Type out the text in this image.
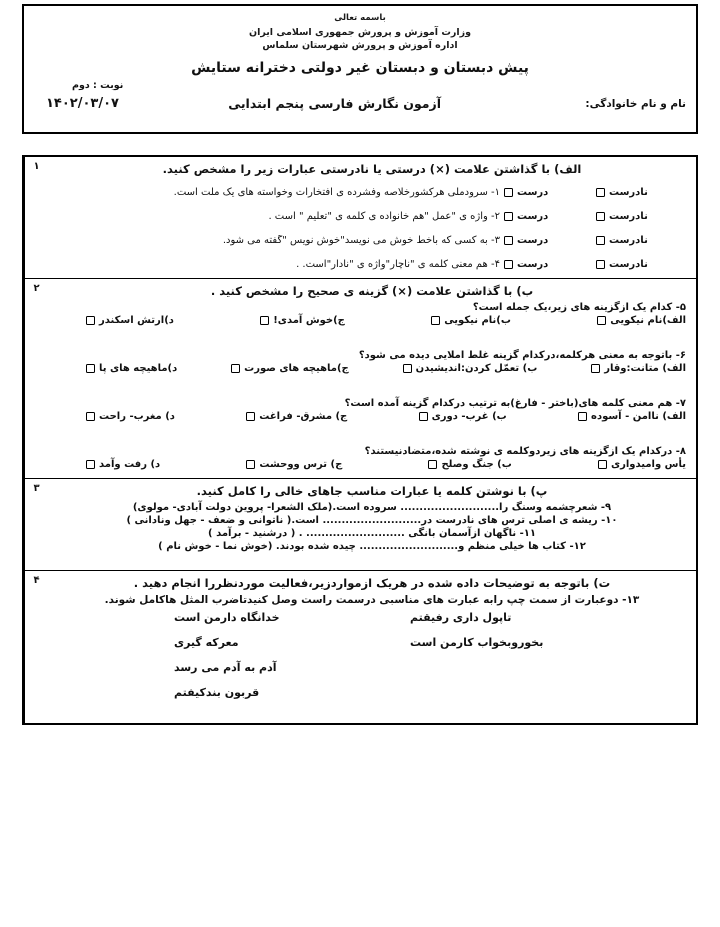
باسمه تعالی
وزارت آموزش و پرورش جمهوری اسلامی ایران
اداره آموزش و پرورش شهرستان سلماس
پیش دبستان و دبستان غیر دولتی دخترانه ستایش
نام و نام خانوادگی:
آزمون نگارش فارسی پنجم ابتدایی
نوبت : دوم
۱۴۰۲/۰۳/۰۷
الف) با گذاشتن علامت (×) درستی یا نادرستی عبارات زیر را مشخص کنید.
نادرست
درست
۱- سرودملی هرکشورخلاصه وفشرده ی افتخارات وخواسته های یک ملت است.
نادرست
درست
۲- واژه ی "عمل "هم خانواده ی کلمه ی "تعلیم " است .
نادرست
درست
۳- به کسی که باخط خوش می نویسد"خوش نویس "گفته می شود.
نادرست
درست
۴- هم معنی کلمه ی "ناچار"واژه ی "نادار"است. .
۱
ب) با گذاشتن علامت (×) گزینه ی صحیح را مشخص کنید .
۵- کدام یک ازگزینه های زیر،یک جمله است؟
الف)نام نیکویی
ب)نام نیکویی
ج)خوش آمدی!
د)ارتش اسکندر
۶- باتوجه به معنی هرکلمه،درکدام گزینه غلط املایی دیده می شود؟
الف) متانت:وقار
ب) تعمّل کردن:اندیشیدن
ج)ماهیچه های صورت
د)ماهیچه های پا
۷- هم معنی کلمه های(باختر - فارغ)به ترتیب درکدام گزینه آمده است؟
الف) ناامن - آسوده
ب) غرب- دوری
ج) مشرق- فراغت
د) مغرب- راحت
۸- درکدام یک ازگزینه های زیردوکلمه ی نوشته شده،متضادنیستند؟
یأس وامیدواری
ب) جنگ وصلح
ج) ترس ووحشت
د) رفت وآمد
۲
پ) با نوشتن کلمه یا عبارات مناسب جاهای خالی را کامل کنید.
۹- شعرچشمه وسنگ را.......................... سروده است.(ملک الشعرا- پروین دولت آبادی- مولوی)
۱۰- ریشه ی اصلی ترس های نادرست در.......................... است.( ناتوانی و ضعف - جهل ونادانی )
۱۱- ناگهان ازآسمان بانگی .......................... . ( درشنید - برآمد )
۱۲- کتاب ها خیلی منظم و.......................... چیده شده بودند. (خوش نما - خوش نام )
۳
ت) باتوجه به توضیحات داده شده در هریک ازمواردزیر،فعالیت موردنظررا انجام دهید .
۱۳- دوعبارت از سمت چپ رابه عبارت های مناسبی درسمت راست وصل کنیدتاضرب المثل هاکامل شوند.
تاپول داری رفیقتم
بخوروبخواب کارمن است
خدانگاه دارمن است
معرکه گیری
آدم به آدم می رسد
قربون بندکیفتم
۴
